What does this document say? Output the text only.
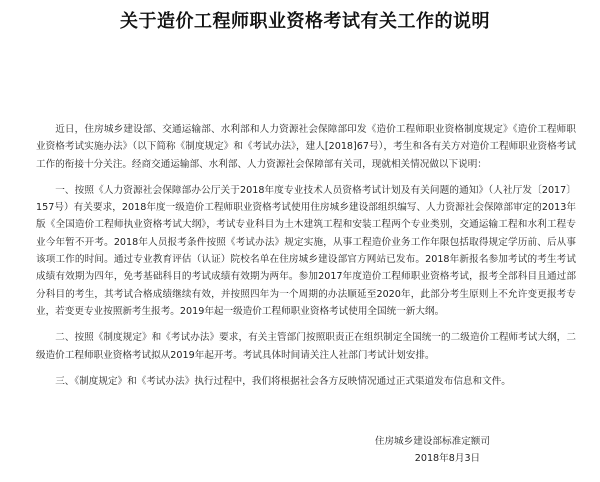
关于造价工程师职业资格考试有关工作的说明

近日，住房城乡建设部、交通运输部、水利部和人力资源社会保障部印发《造价工程师职业资格制度规定》《造价工程师职业资格考试实施办法》（以下简称《制度规定》和《考试办法》，建人[2018]67号），考生和各有关方对造价工程师职业资格考试工作的衔接十分关注。经商交通运输部、水利部、人力资源社会保障部有关司，现就相关情况做以下说明：

一、按照《人力资源社会保障部办公厅关于2018年度专业技术人员资格考试计划及有关问题的通知》（人社厅发〔2017〕157号）有关要求，2018年度一级造价工程师职业资格考试使用住房城乡建设部组织编写、人力资源社会保障部审定的2013年版《全国造价工程师执业资格考试大纲》，考试专业科目为土木建筑工程和安装工程两个专业类别，交通运输工程和水利工程专业今年暂不开考。2018年人员报考条件按照《考试办法》规定实施，从事工程造价业务工作年限包括取得规定学历前、后从事该项工作的时间。通过专业教育评估（认证）院校名单在住房城乡建设部官方网站已发布。2018年新报名参加考试的考生考试成绩有效期为四年，免考基础科目的考试成绩有效期为两年。参加2017年度造价工程师职业资格考试，报考全部科目且通过部分科目的考生，其考试合格成绩继续有效，并按照四年为一个周期的办法顺延至2020年，此部分考生原则上不允许变更报考专业，若变更专业按照新考生报考。2019年起一级造价工程师职业资格考试使用全国统一新大纲。

二、按照《制度规定》和《考试办法》要求，有关主管部门按照职责正在组织制定全国统一的二级造价工程师考试大纲，二级造价工程师职业资格考试拟从2019年起开考。考试具体时间请关注人社部门考试计划安排。

三、《制度规定》和《考试办法》执行过程中，我们将根据社会各方反映情况通过正式渠道发布信息和文件。

住房城乡建设部标准定额司
2018年8月3日
